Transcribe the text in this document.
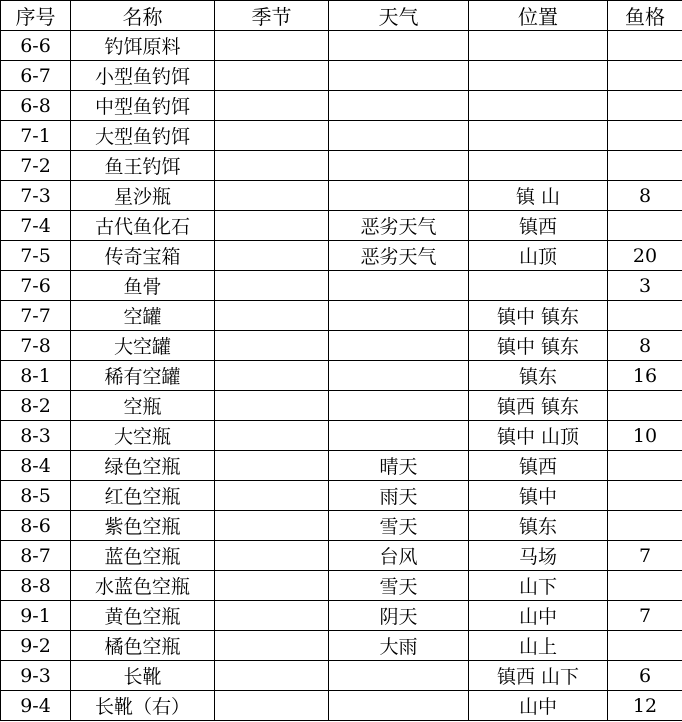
序号	名称	季节	天气	位置	鱼格
6-6	钓饵原料				
6-7	小型鱼钓饵				
6-8	中型鱼钓饵				
7-1	大型鱼钓饵				
7-2	鱼王钓饵				
7-3	星沙瓶			镇 山	8
7-4	古代鱼化石		恶劣天气	镇西	
7-5	传奇宝箱		恶劣天气	山顶	20
7-6	鱼骨				3
7-7	空罐			镇中 镇东	
7-8	大空罐			镇中 镇东	8
8-1	稀有空罐			镇东	16
8-2	空瓶			镇西 镇东	
8-3	大空瓶			镇中 山顶	10
8-4	绿色空瓶		晴天	镇西	
8-5	红色空瓶		雨天	镇中	
8-6	紫色空瓶		雪天	镇东	
8-7	蓝色空瓶		台风	马场	7
8-8	水蓝色空瓶		雪天	山下	
9-1	黄色空瓶		阴天	山中	7
9-2	橘色空瓶		大雨	山上	
9-3	长靴			镇西 山下	6
9-4	长靴（右）			山中	12
